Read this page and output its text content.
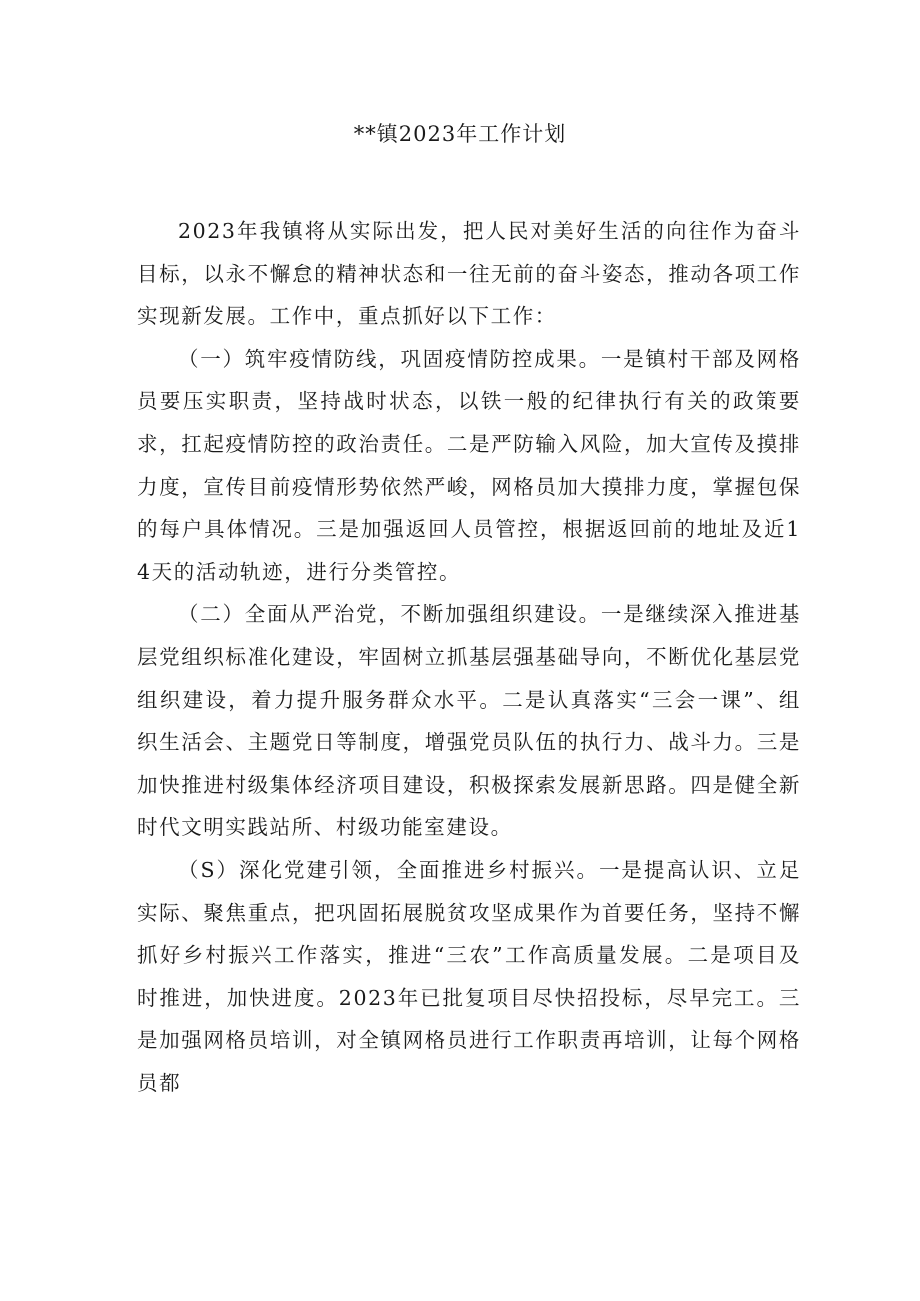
**镇2023年工作计划

2023年我镇将从实际出发，把人民对美好生活的向往作为奋斗目标，以永不懈怠的精神状态和一往无前的奋斗姿态，推动各项工作实现新发展。工作中，重点抓好以下工作：

（一）筑牢疫情防线，巩固疫情防控成果。一是镇村干部及网格员要压实职责，坚持战时状态，以铁一般的纪律执行有关的政策要求，扛起疫情防控的政治责任。二是严防输入风险，加大宣传及摸排力度，宣传目前疫情形势依然严峻，网格员加大摸排力度，掌握包保的每户具体情况。三是加强返回人员管控，根据返回前的地址及近14天的活动轨迹，进行分类管控。

（二）全面从严治党，不断加强组织建设。一是继续深入推进基层党组织标准化建设，牢固树立抓基层强基础导向，不断优化基层党组织建设，着力提升服务群众水平。二是认真落实“三会一课”、组织生活会、主题党日等制度，增强党员队伍的执行力、战斗力。三是加快推进村级集体经济项目建设，积极探索发展新思路。四是健全新时代文明实践站所、村级功能室建设。

（S）深化党建引领，全面推进乡村振兴。一是提高认识、立足实际、聚焦重点，把巩固拓展脱贫攻坚成果作为首要任务，坚持不懈抓好乡村振兴工作落实，推进“三农”工作高质量发展。二是项目及时推进，加快进度。2023年已批复项目尽快招投标，尽早完工。三是加强网格员培训，对全镇网格员进行工作职责再培训，让每个网格员都
